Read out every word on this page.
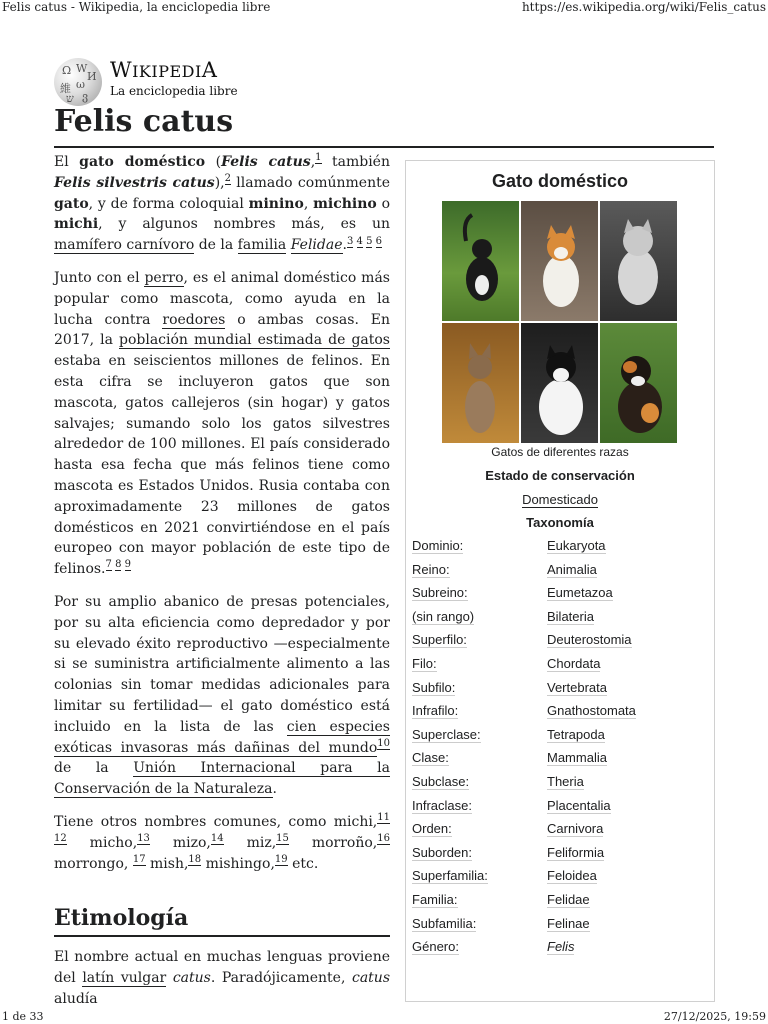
Felis catus - Wikipedia, la enciclopedia libre	https://es.wikipedia.org/wiki/Felis_catus
1 de 33	27/12/2025, 19:59
Ω W
И
維 ω
ש ვ
WIKIPEDIA
La enciclopedia libre
Felis catus

El gato doméstico (Felis catus,$^1$ también Felis silvestris catus),$^2$ llamado comúnmente gato, y de forma coloquial minino, michino o michi, y algunos nombres más, es un mamífero carnívoro de la familia Felidae.$^{3 4 5 6}$

Junto con el perro, es el animal doméstico más popular como mascota, como ayuda en la lucha contra roedores o ambas cosas. En 2017, la población mundial estimada de gatos estaba en seiscientos millones de felinos. En esta cifra se incluyeron gatos que son mascota, gatos callejeros (sin hogar) y gatos salvajes; sumando solo los gatos silvestres alrededor de 100 millones. El país considerado hasta esa fecha que más felinos tiene como mascota es Estados Unidos. Rusia contaba con aproximadamente 23 millones de gatos domésticos en 2021 convirtiéndose en el país europeo con mayor población de este tipo de felinos.$^{7 8 9}$

Por su amplio abanico de presas potenciales, por su alta eficiencia como depredador y por su elevado éxito reproductivo —especialmente si se suministra artificialmente alimento a las colonias sin tomar medidas adicionales para limitar su fertilidad— el gato doméstico está incluido en la lista de las cien especies exóticas invasoras más dañinas del mundo$^{10}$ de la Unión Internacional para la Conservación de la Naturaleza.

Tiene otros nombres comunes, como michi,$^{11 12}$ micho,$^{13}$ mizo,$^{14}$ miz,$^{15}$ morroño,$^{16}$ morrongo, $^{17}$ mish,$^{18}$ mishingo,$^{19}$ etc.

Etimología

El nombre actual en muchas lenguas proviene del latín vulgar catus. Paradójicamente, catus aludía

Gato doméstico
Gatos de diferentes razas
Estado de conservación
Domesticado
Taxonomía
Dominio:	Eukaryota
Reino:	Animalia
Subreino:	Eumetazoa
(sin rango)	Bilateria
Superfilo:	Deuterostomia
Filo:	Chordata
Subfilo:	Vertebrata
Infrafilo:	Gnathostomata
Superclase:	Tetrapoda
Clase:	Mammalia
Subclase:	Theria
Infraclase:	Placentalia
Orden:	Carnivora
Suborden:	Feliformia
Superfamilia:	Feloidea
Familia:	Felidae
Subfamilia:	Felinae
Género:	Felis
